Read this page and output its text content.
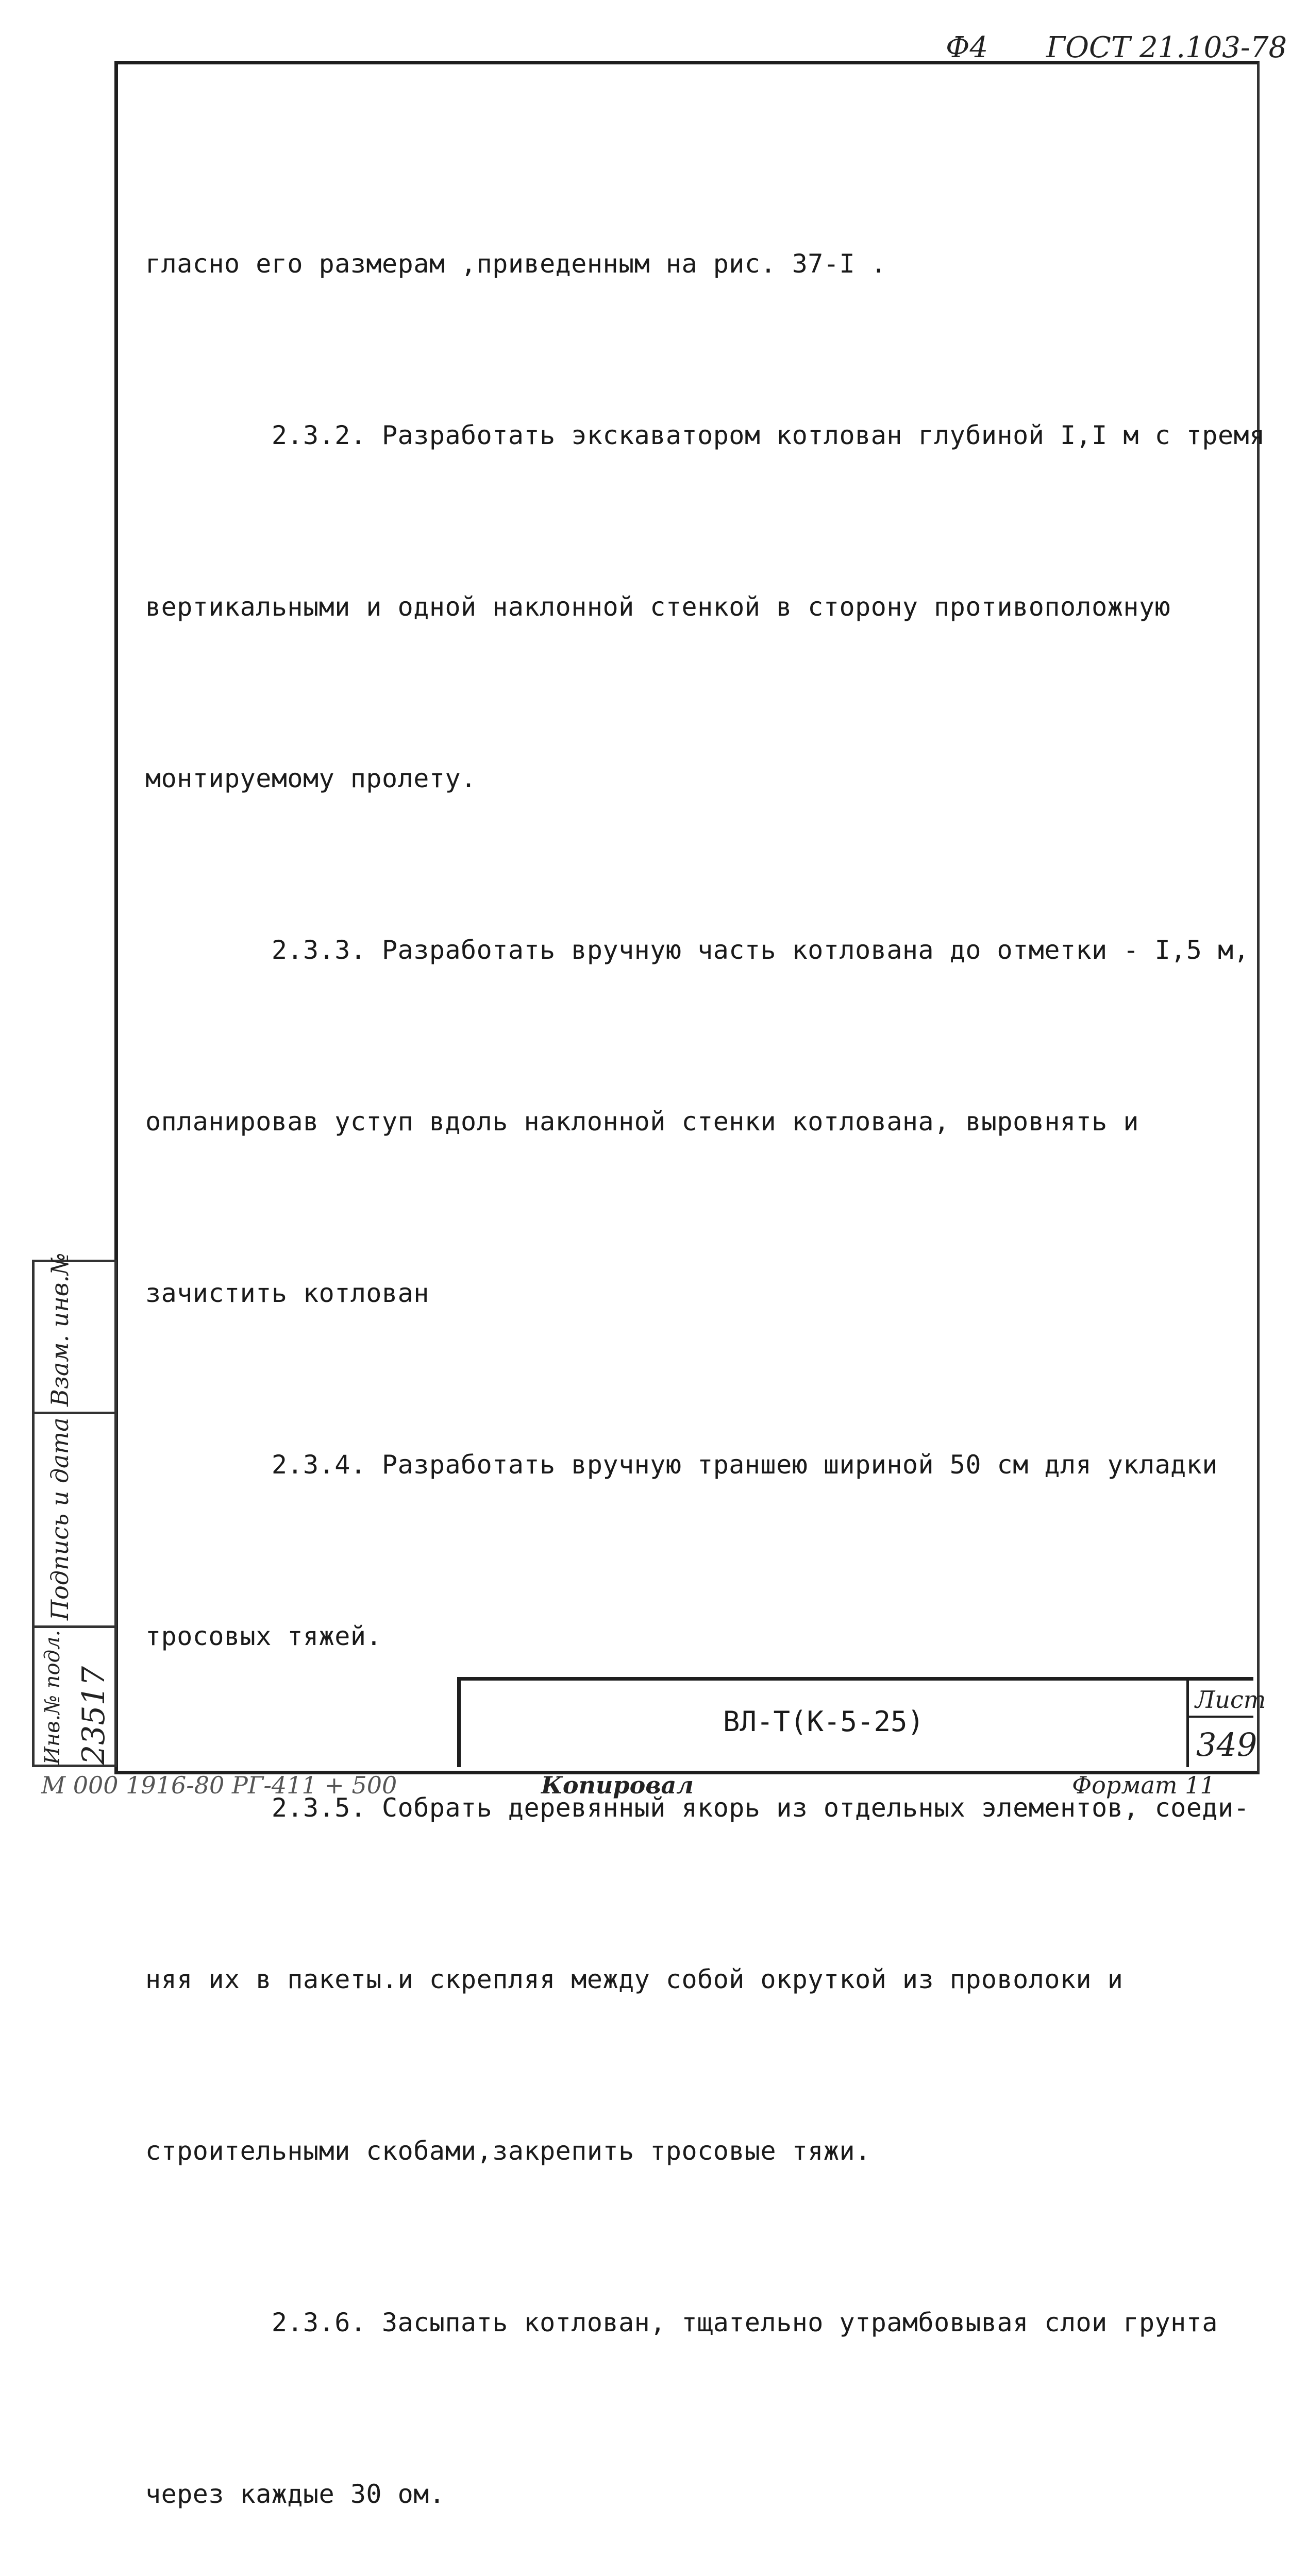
Ф4 ГОСТ 21.103-78

гласно его размерам ,приведенным на рис. 37-I .

2.3.2. Разработать экскаватором котлован глубиной I,I м с тремя

вертикальными и одной наклонной стенкой в сторону противоположную

монтируемому пролету.

2.3.3. Разработать вручную часть котлована до отметки - I,5 м,

опланировав уступ вдоль наклонной стенки котлована, выровнять и

зачистить котлован

2.3.4. Разработать вручную траншею шириной 50 см для укладки

тросовых тяжей.

2.3.5. Собрать деревянный якорь из отдельных элементов, соеди-

няя их в пакеты.и скрепляя между собой окруткой из проволоки и

строительными скобами,закрепить тросовые тяжи.

2.3.6. Засыпать котлован, тщательно утрамбовывая слои грунта

через каждые 30 ом.

Взам. инв.№
Подпись и дата
Инв.№ подл. 23517	ВЛ-Т(К-5-25)
Лист
349
М 000 1916-80 РГ-411 + 500	Копировал	Формат 11
